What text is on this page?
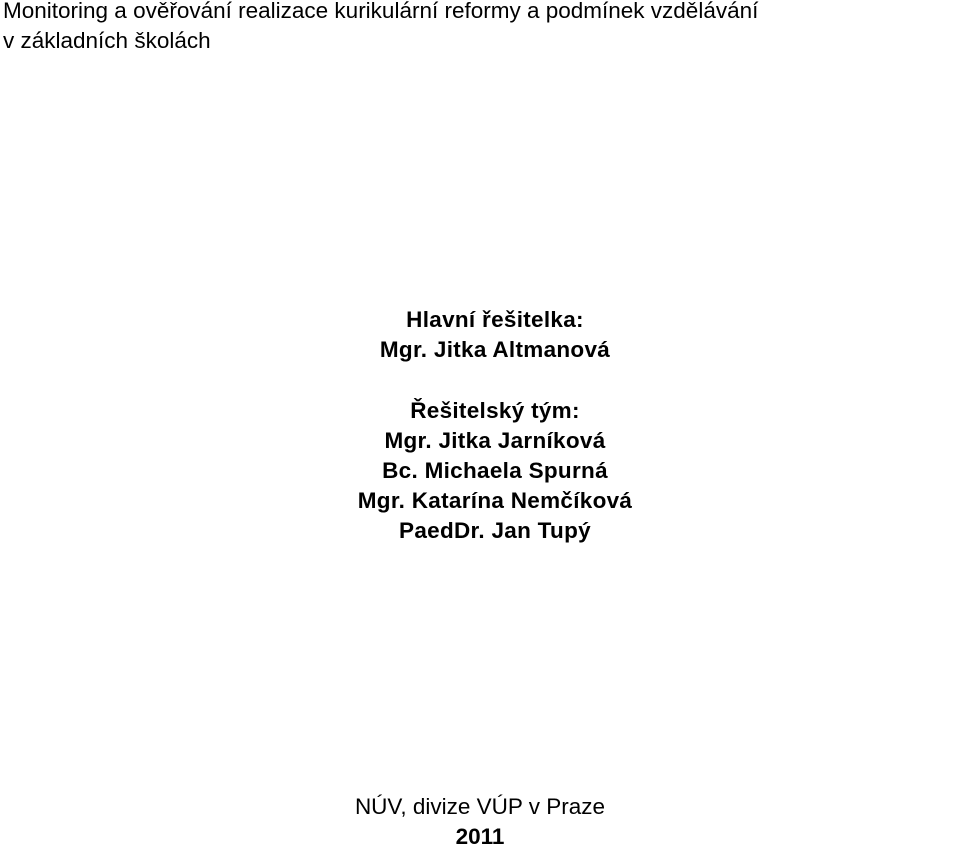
Monitoring a ověřování realizace kurikulární reformy a podmínek vzdělávání
v základních školách
Hlavní řešitelka:
Mgr. Jitka Altmanová
Řešitelský tým:
Mgr. Jitka Jarníková
Bc. Michaela Spurná
Mgr. Katarína Nemčíková
PaedDr. Jan Tupý
NÚV, divize VÚP v Praze
2011
